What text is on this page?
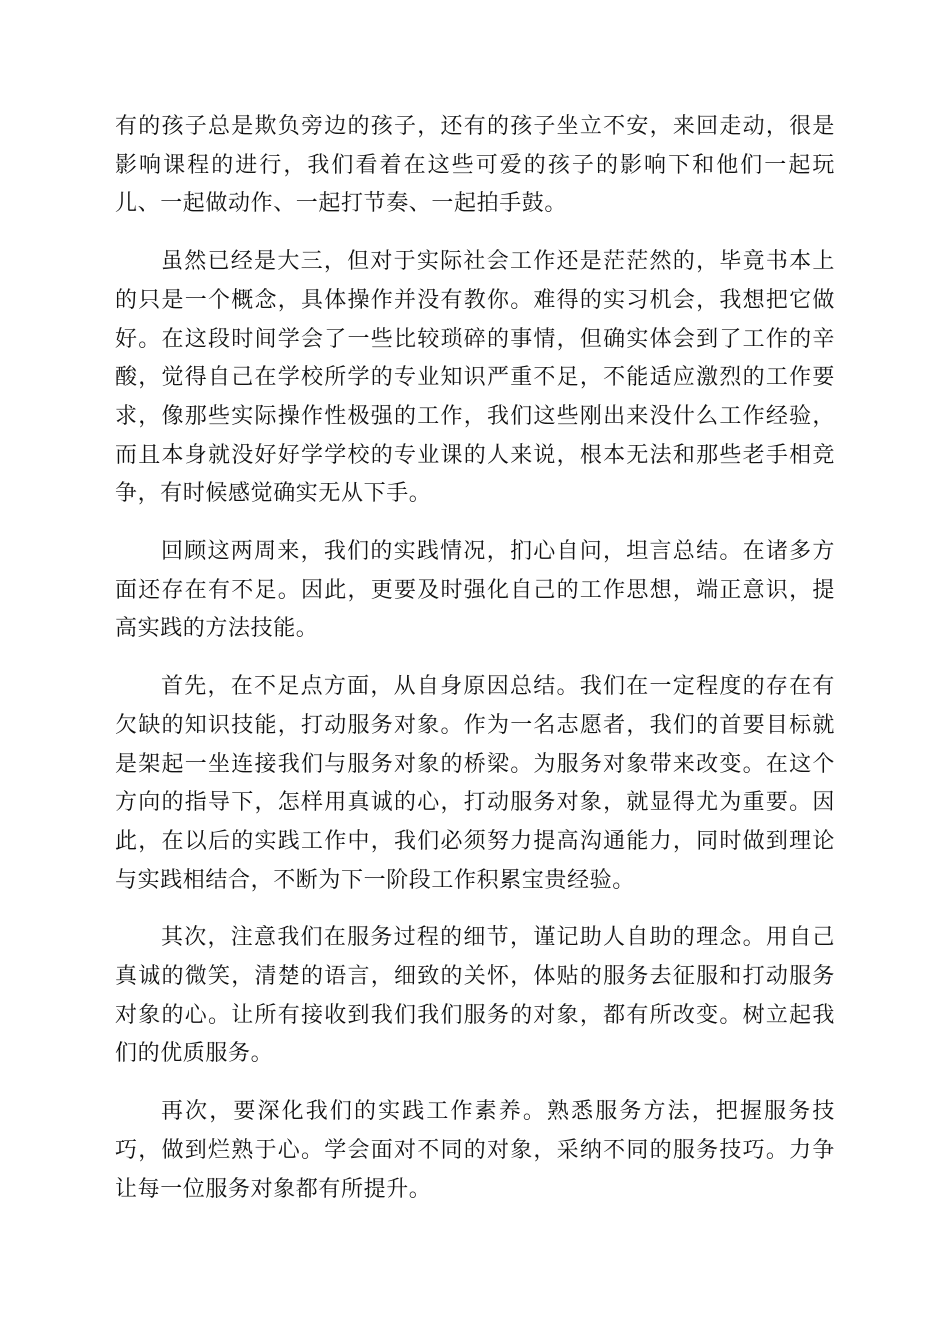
有的孩子总是欺负旁边的孩子，还有的孩子坐立不安，来回走动，很是影响课程的进行，我们看着在这些可爱的孩子的影响下和他们一起玩儿、一起做动作、一起打节奏、一起拍手鼓。

虽然已经是大三，但对于实际社会工作还是茫茫然的，毕竟书本上的只是一个概念，具体操作并没有教你。难得的实习机会，我想把它做好。在这段时间学会了一些比较琐碎的事情，但确实体会到了工作的辛酸，觉得自己在学校所学的专业知识严重不足，不能适应激烈的工作要求，像那些实际操作性极强的工作，我们这些刚出来没什么工作经验，而且本身就没好好学学校的专业课的人来说，根本无法和那些老手相竞争，有时候感觉确实无从下手。

回顾这两周来，我们的实践情况，扪心自问，坦言总结。在诸多方面还存在有不足。因此，更要及时强化自己的工作思想，端正意识，提高实践的方法技能。

首先，在不足点方面，从自身原因总结。我们在一定程度的存在有欠缺的知识技能，打动服务对象。作为一名志愿者，我们的首要目标就是架起一坐连接我们与服务对象的桥梁。为服务对象带来改变。在这个方向的指导下，怎样用真诚的心，打动服务对象，就显得尤为重要。因此，在以后的实践工作中，我们必须努力提高沟通能力，同时做到理论与实践相结合，不断为下一阶段工作积累宝贵经验。

其次，注意我们在服务过程的细节，谨记助人自助的理念。用自己真诚的微笑，清楚的语言，细致的关怀，体贴的服务去征服和打动服务对象的心。让所有接收到我们我们服务的对象，都有所改变。树立起我们的优质服务。

再次，要深化我们的实践工作素养。熟悉服务方法，把握服务技巧，做到烂熟于心。学会面对不同的对象，采纳不同的服务技巧。力争让每一位服务对象都有所提升。
